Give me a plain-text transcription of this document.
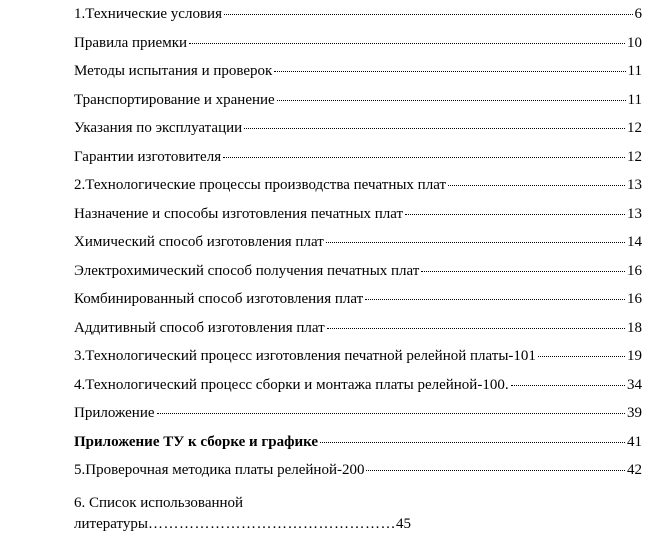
1.Технические условия	6
Правила приемки	10
Методы испытания и проверок	11
Транспортирование и хранение	11
Указания по эксплуатации	12
Гарантии изготовителя	12
2.Технологические процессы производства печатных плат	13
Назначение и способы изготовления печатных плат	13
Химический способ изготовления плат	14
Электрохимический способ получения печатных плат	16
Комбинированный способ изготовления плат	16
Аддитивный способ изготовления плат	18
3.Технологический процесс изготовления печатной релейной платы-101	19
4.Технологический процесс сборки и монтажа платы релейной-100.	34
Приложение	39
Приложение ТУ к сборке и графике	41
5.Проверочная методика платы релейной-200	42
6. Список использованной
литературы ………………………………………… 45
